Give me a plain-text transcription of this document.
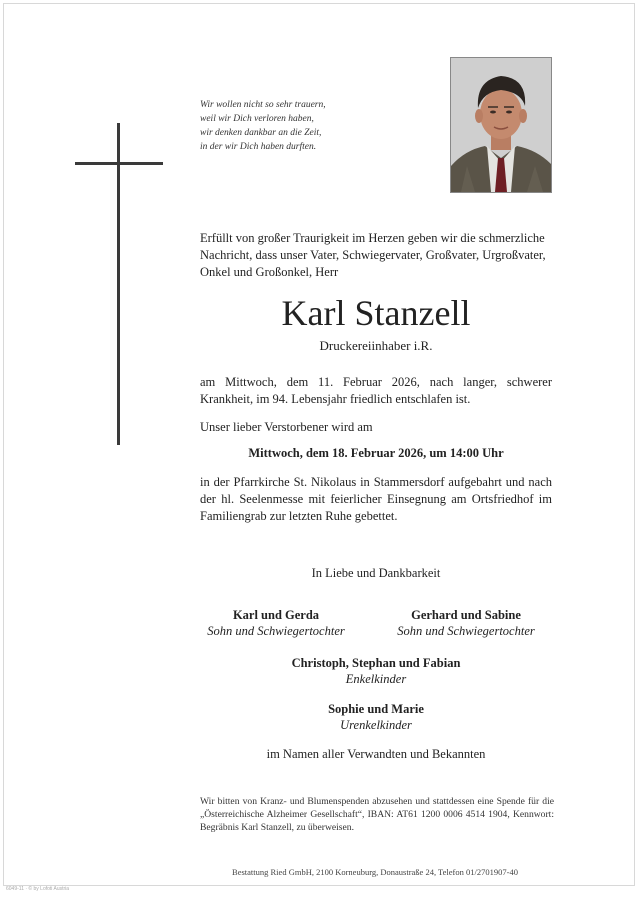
Wir wollen nicht so sehr trauern,
weil wir Dich verloren haben,
wir denken dankbar an die Zeit,
in der wir Dich haben durften.
Erfüllt von großer Traurigkeit im Herzen geben wir die schmerzliche Nachricht, dass unser Vater, Schwiegervater, Großvater, Urgroßvater, Onkel und Großonkel, Herr
Karl Stanzell
Druckereiinhaber i.R.
am Mittwoch, dem 11. Februar 2026, nach langer, schwerer Krankheit, im 94. Lebensjahr friedlich entschlafen ist.
Unser lieber Verstorbener wird am
Mittwoch, dem 18. Februar 2026, um 14:00 Uhr
in der Pfarrkirche St. Nikolaus in Stammersdorf aufgebahrt und nach der hl. Seelenmesse mit feierlicher Einsegnung am Ortsfriedhof im Familiengrab zur letzten Ruhe gebettet.
In Liebe und Dankbarkeit
Karl und Gerda
Sohn und Schwiegertochter
Gerhard und Sabine
Sohn und Schwiegertochter
Christoph, Stephan und Fabian
Enkelkinder
Sophie und Marie
Urenkelkinder
im Namen aller Verwandten und Bekannten
Wir bitten von Kranz- und Blumenspenden abzusehen und stattdessen eine Spende für die „Österreichische Alzheimer Gesellschaft“, IBAN: AT61 1200 0006 4514 1904, Kennwort: Begräbnis Karl Stanzell, zu überweisen.
Bestattung Ried GmbH, 2100 Korneuburg, Donaustraße 24, Telefon 01/2701907-40
6049-11 · © by Lofoti Austria
